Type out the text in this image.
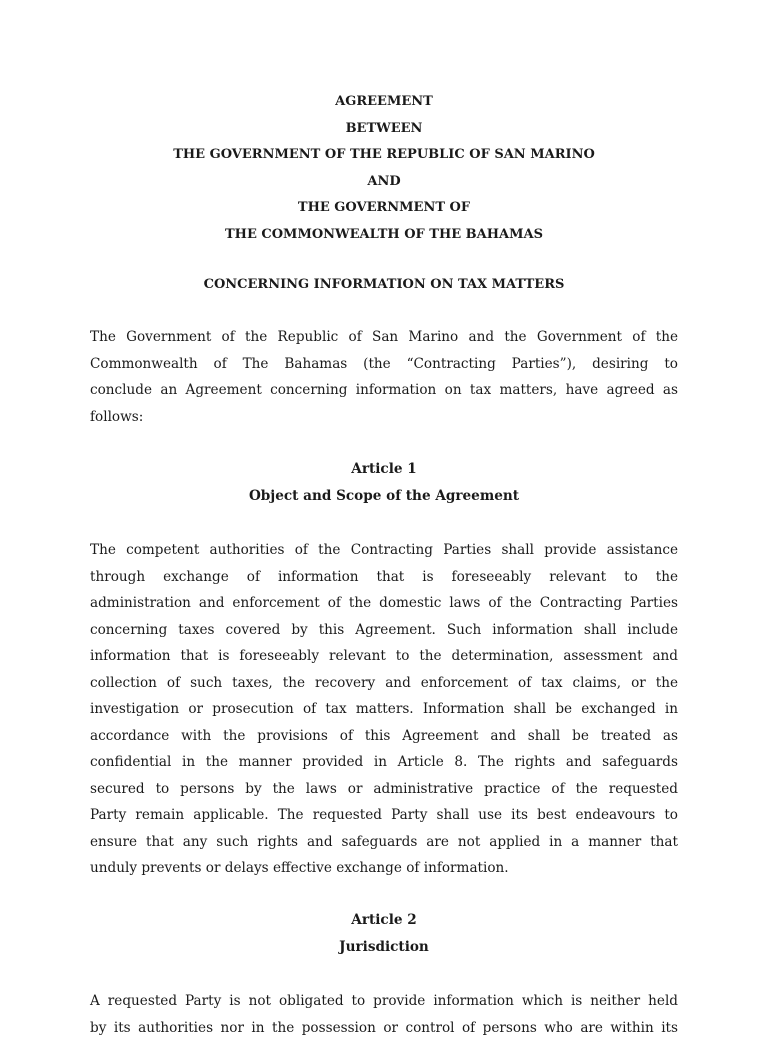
AGREEMENT
BETWEEN
THE GOVERNMENT OF THE REPUBLIC OF SAN MARINO
AND
THE GOVERNMENT OF
THE COMMONWEALTH OF THE BAHAMAS
CONCERNING INFORMATION ON TAX MATTERS
The Government of the Republic of San Marino and the Government of the
Commonwealth of The Bahamas (the “Contracting Parties”), desiring to
conclude an Agreement concerning information on tax matters, have agreed as
follows:
Article 1
Object and Scope of the Agreement
The competent authorities of the Contracting Parties shall provide assistance
through exchange of information that is foreseeably relevant to the
administration and enforcement of the domestic laws of the Contracting Parties
concerning taxes covered by this Agreement. Such information shall include
information that is foreseeably relevant to the determination, assessment and
collection of such taxes, the recovery and enforcement of tax claims, or the
investigation or prosecution of tax matters. Information shall be exchanged in
accordance with the provisions of this Agreement and shall be treated as
confidential in the manner provided in Article 8. The rights and safeguards
secured to persons by the laws or administrative practice of the requested
Party remain applicable. The requested Party shall use its best endeavours to
ensure that any such rights and safeguards are not applied in a manner that
unduly prevents or delays effective exchange of information.
Article 2
Jurisdiction
A requested Party is not obligated to provide information which is neither held
by its authorities nor in the possession or control of persons who are within its
